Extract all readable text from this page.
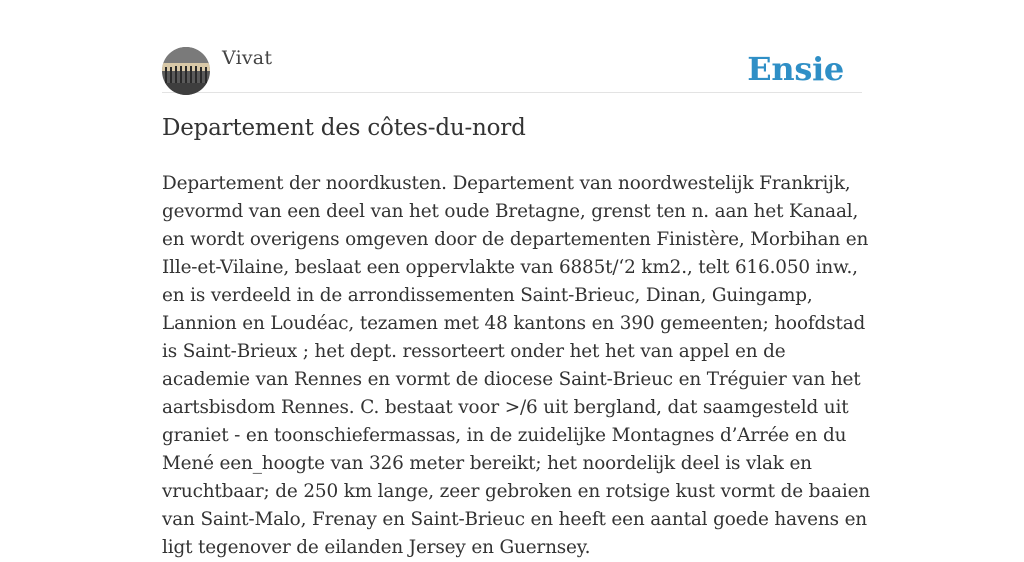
Vivat	Ensie
Departement des côtes-du-nord

Departement der noordkusten. Departement van noordwestelijk Frankrijk, gevormd van een deel van het oude Bretagne, grenst ten n. aan het Kanaal, en wordt overigens omgeven door de departementen Finistère, Morbihan en Ille-et-Vilaine, beslaat een oppervlakte van 6885t/‘2 km2., telt 616.050 inw., en is verdeeld in de arrondissementen Saint-Brieuc, Dinan, Guingamp, Lannion en Loudéac, tezamen met 48 kantons en 390 gemeenten; hoofdstad is Saint-Brieux ; het dept. ressorteert onder het het van appel en de academie van Rennes en vormt de diocese Saint-Brieuc en Tréguier van het aartsbisdom Rennes. C. bestaat voor >/6 uit bergland, dat saamgesteld uit graniet - en toonschiefermassas, in de zuidelijke Montagnes d’Arrée en du Mené een_hoogte van 326 meter bereikt; het noordelijk deel is vlak en vruchtbaar; de 250 km lange, zeer gebroken en rotsige kust vormt de baaien van Saint-Malo, Frenay en Saint-Brieuc en heeft een aantal goede havens en ligt tegenover de eilanden Jersey en Guernsey.
